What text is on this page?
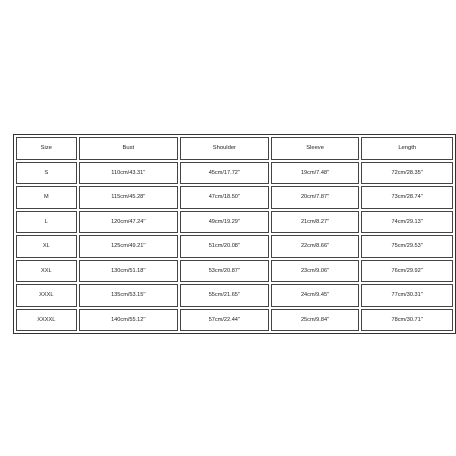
Size	Bust	Shoulder	Sleeve	Length
S	110cm/43.31''	45cm/17.72''	19cm/7.48''	72cm/28.35''
M	115cm/45.28''	47cm/18.50''	20cm/7.87''	73cm/28.74''
L	120cm/47.24''	49cm/19.29''	21cm/8.27''	74cm/29.13''
XL	125cm/49.21''	51cm/20.08''	22cm/8.66''	75cm/29.53''
XXL	130cm/51.18''	53cm/20.87''	23cm/9.06''	76cm/29.92''
XXXL	135cm/53.15''	55cm/21.65''	24cm/9.45''	77cm/30.31''
XXXXL	140cm/55.12''	57cm/22.44''	25cm/9.84''	78cm/30.71''
